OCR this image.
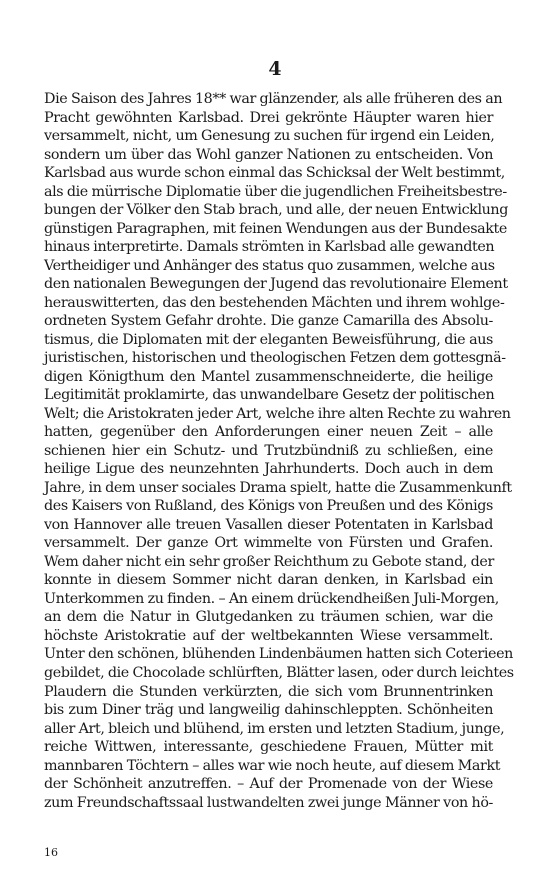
4
Die Saison des Jahres 18** war glänzender, als alle früheren des an
Pracht gewöhnten Karlsbad. Drei gekrönte Häupter waren hier
versammelt, nicht, um Genesung zu suchen für irgend ein Leiden,
sondern um über das Wohl ganzer Nationen zu entscheiden. Von
Karlsbad aus wurde schon einmal das Schicksal der Welt bestimmt,
als die mürrische Diplomatie über die jugendlichen Freiheitsbestre-
bungen der Völker den Stab brach, und alle, der neuen Entwicklung
günstigen Paragraphen, mit feinen Wendungen aus der Bundesakte
hinaus interpretirte. Damals strömten in Karlsbad alle gewandten
Vertheidiger und Anhänger des status quo zusammen, welche aus
den nationalen Bewegungen der Jugend das revolutionaire Element
herauswitterten, das den bestehenden Mächten und ihrem wohlge-
ordneten System Gefahr drohte. Die ganze Camarilla des Absolu-
tismus, die Diplomaten mit der eleganten Beweisführung, die aus
juristischen, historischen und theologischen Fetzen dem gottesgnä-
digen Königthum den Mantel zusammenschneiderte, die heilige
Legitimität proklamirte, das unwandelbare Gesetz der politischen
Welt; die Aristokraten jeder Art, welche ihre alten Rechte zu wahren
hatten, gegenüber den Anforderungen einer neuen Zeit – alle
schienen hier ein Schutz- und Trutzbündniß zu schließen, eine
heilige Ligue des neunzehnten Jahrhunderts. Doch auch in dem
Jahre, in dem unser sociales Drama spielt, hatte die Zusammenkunft
des Kaisers von Rußland, des Königs von Preußen und des Königs
von Hannover alle treuen Vasallen dieser Potentaten in Karlsbad
versammelt. Der ganze Ort wimmelte von Fürsten und Grafen.
Wem daher nicht ein sehr großer Reichthum zu Gebote stand, der
konnte in diesem Sommer nicht daran denken, in Karlsbad ein
Unterkommen zu finden. – An einem drückendheißen Juli-Morgen,
an dem die Natur in Glutgedanken zu träumen schien, war die
höchste Aristokratie auf der weltbekannten Wiese versammelt.
Unter den schönen, blühenden Lindenbäumen hatten sich Coterieen
gebildet, die Chocolade schlürften, Blätter lasen, oder durch leichtes
Plaudern die Stunden verkürzten, die sich vom Brunnentrinken
bis zum Diner träg und langweilig dahinschleppten. Schönheiten
aller Art, bleich und blühend, im ersten und letzten Stadium, junge,
reiche Wittwen, interessante, geschiedene Frauen, Mütter mit
mannbaren Töchtern – alles war wie noch heute, auf diesem Markt
der Schönheit anzutreffen. – Auf der Promenade von der Wiese
zum Freundschaftssaal lustwandelten zwei junge Männer von hö-
16
